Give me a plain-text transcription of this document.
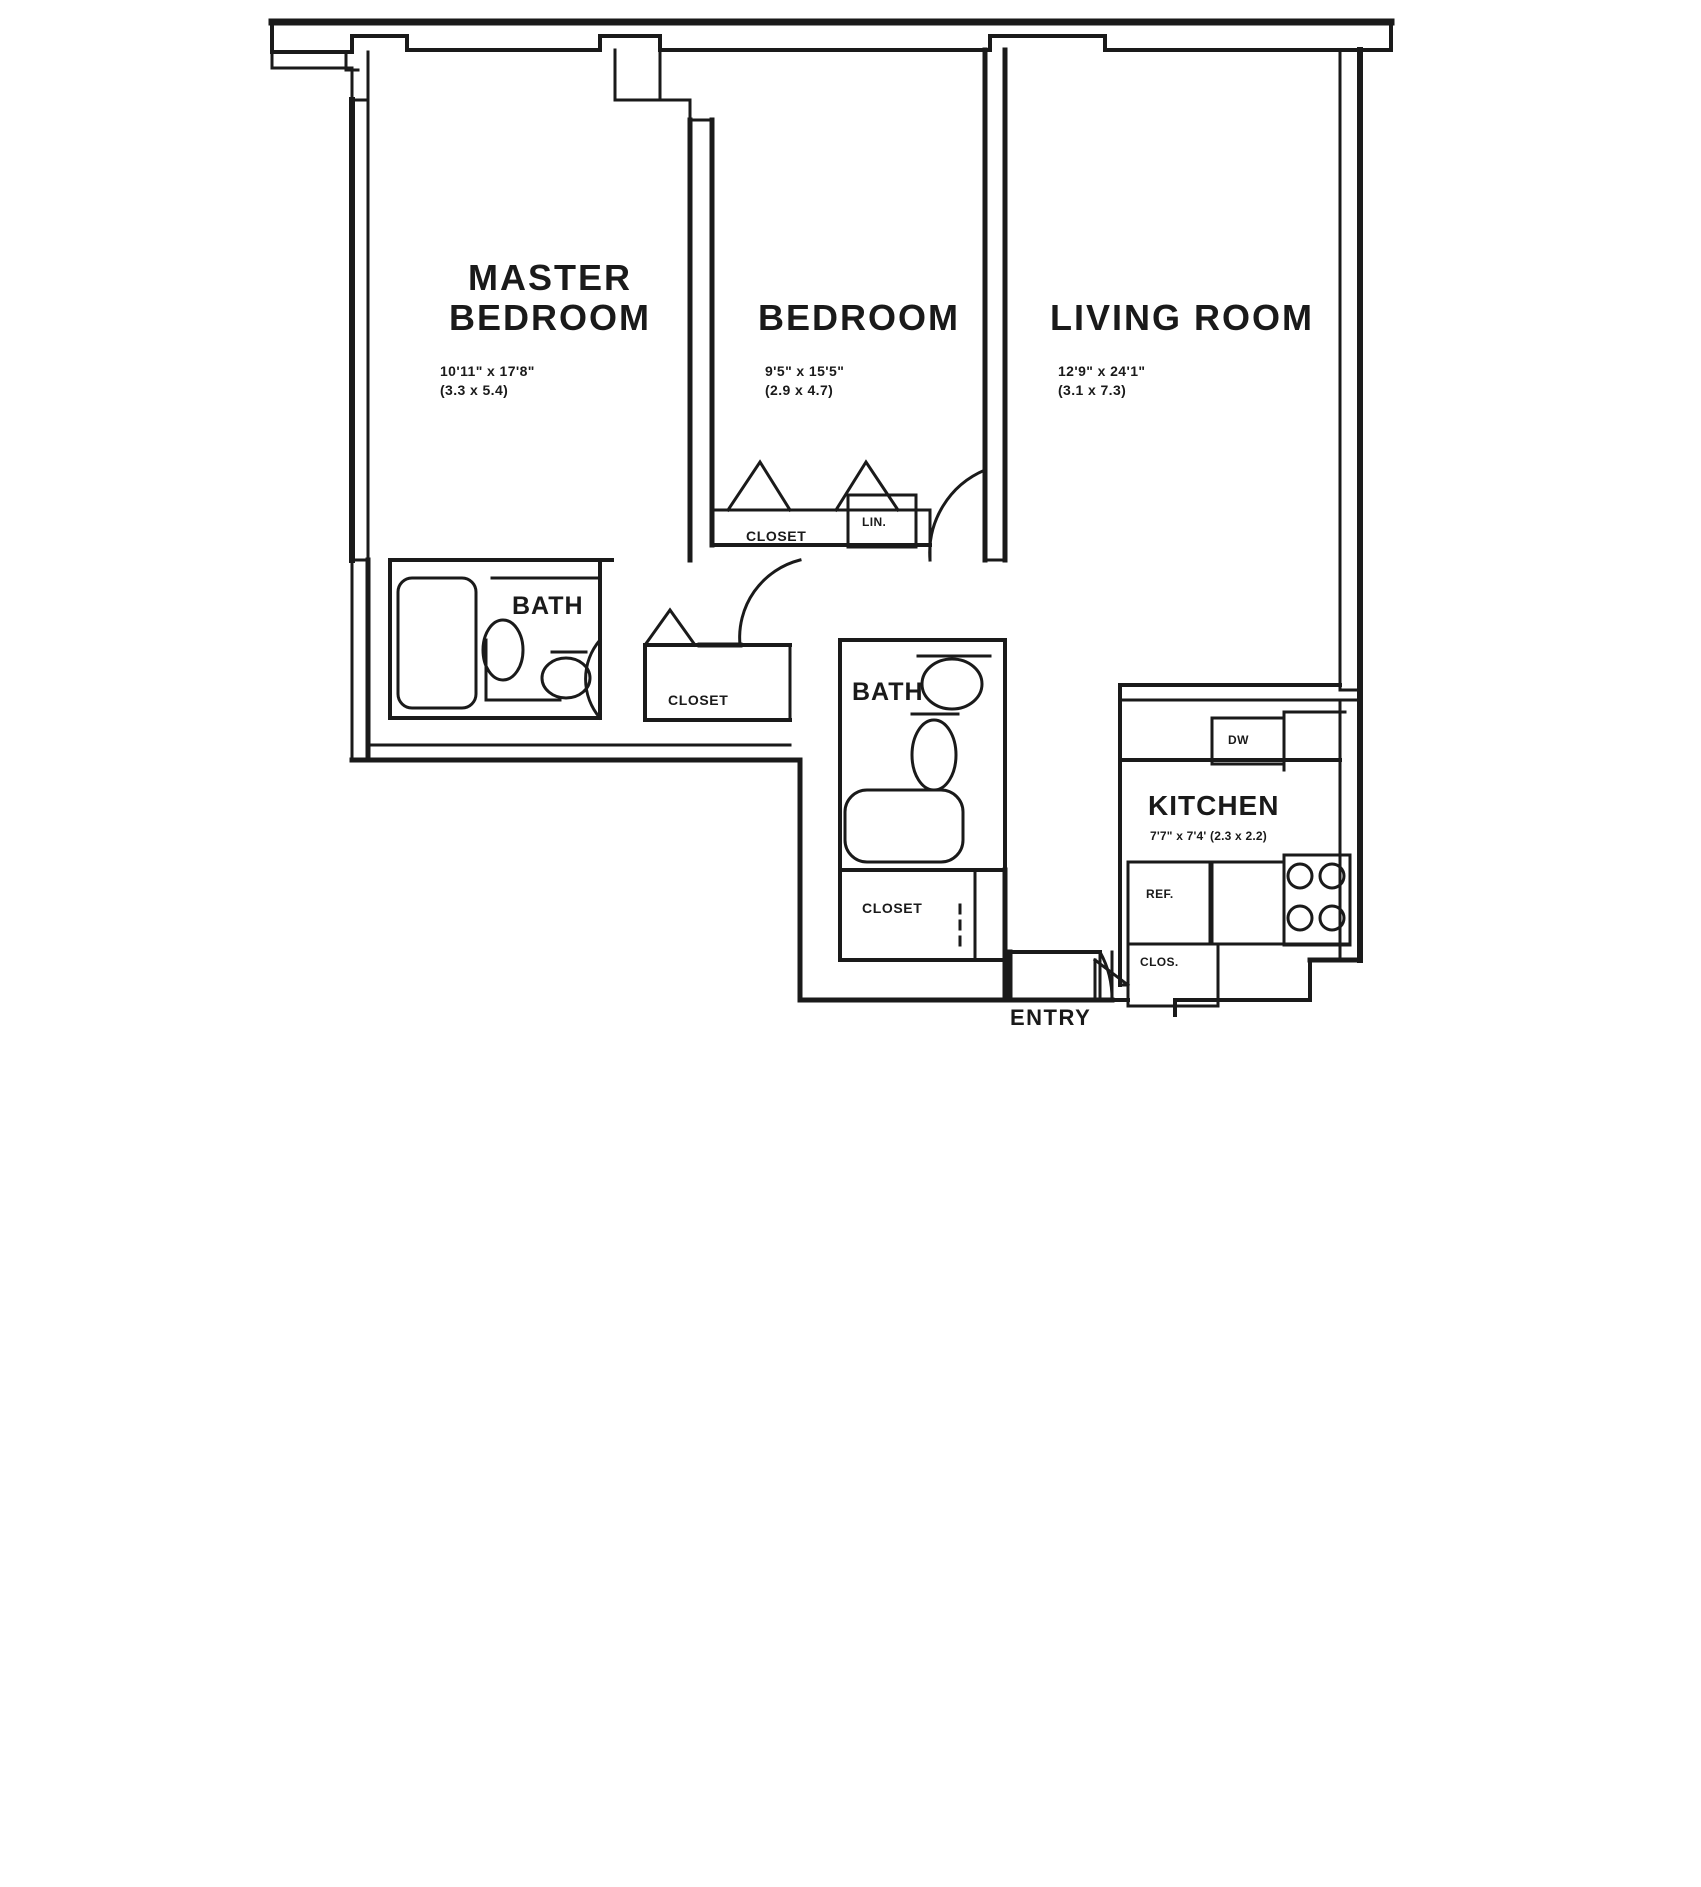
MASTER
BEDROOM
10'11" x 17'8"
(3.3 x 5.4)
BEDROOM
9'5" x 15'5"
(2.9 x 4.7)
LIVING ROOM
12'9" x 24'1"
(3.1 x 7.3)
BATH
BATH
CLOSET
LIN.
CLOSET
CLOSET
KITCHEN
7'7" x 7'4' (2.3 x 2.2)
DW
REF.
CLOS.
ENTRY
